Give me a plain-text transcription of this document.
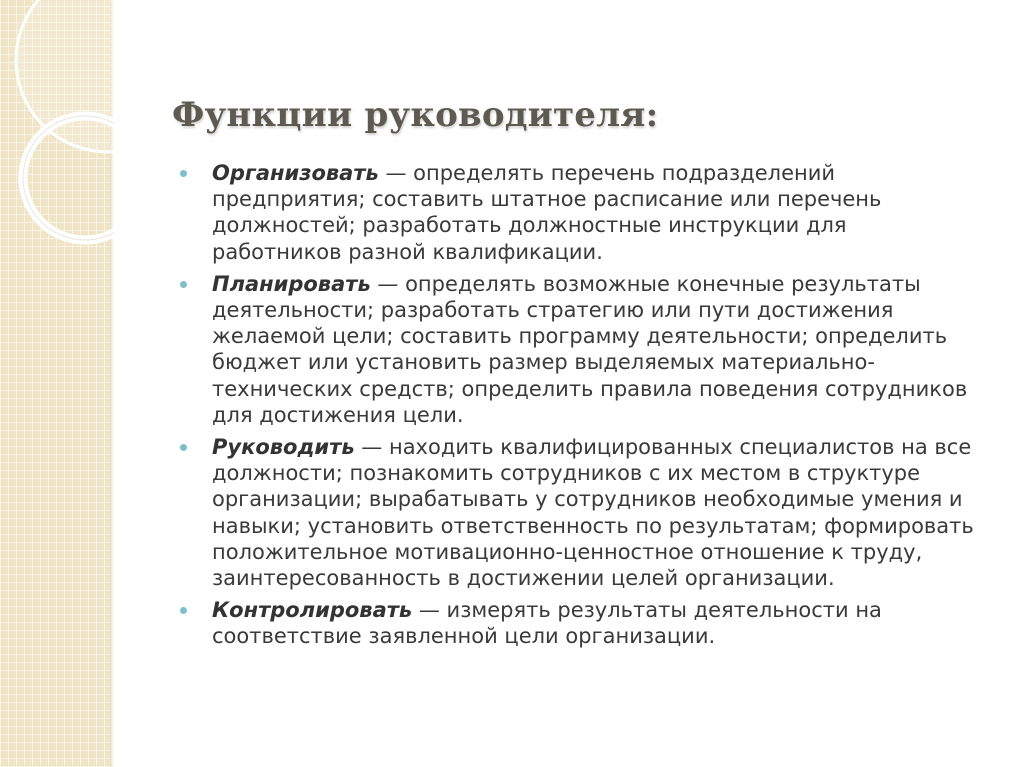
Функции руководителя:
Организовать — определять перечень подразделений предприятия; составить штатное расписание или перечень должностей; разработать должностные инструкции для работников разной квалификации.
Планировать — определять возможные конечные результаты деятельности; разработать стратегию или пути достижения желаемой цели; составить программу деятельности; определить бюджет или установить размер выделяемых материально-технических средств; определить правила поведения сотрудников для достижения цели.
Руководить — находить квалифицированных специалистов на все должности; познакомить сотрудников с их местом в структуре организации; вырабатывать у сотрудников необходимые умения и навыки; установить ответственность по результатам; формировать положительное мотивационно-ценностное отношение к труду, заинтересованность в достижении целей организации.
Контролировать — измерять результаты деятельности на соответствие заявленной цели организации.
